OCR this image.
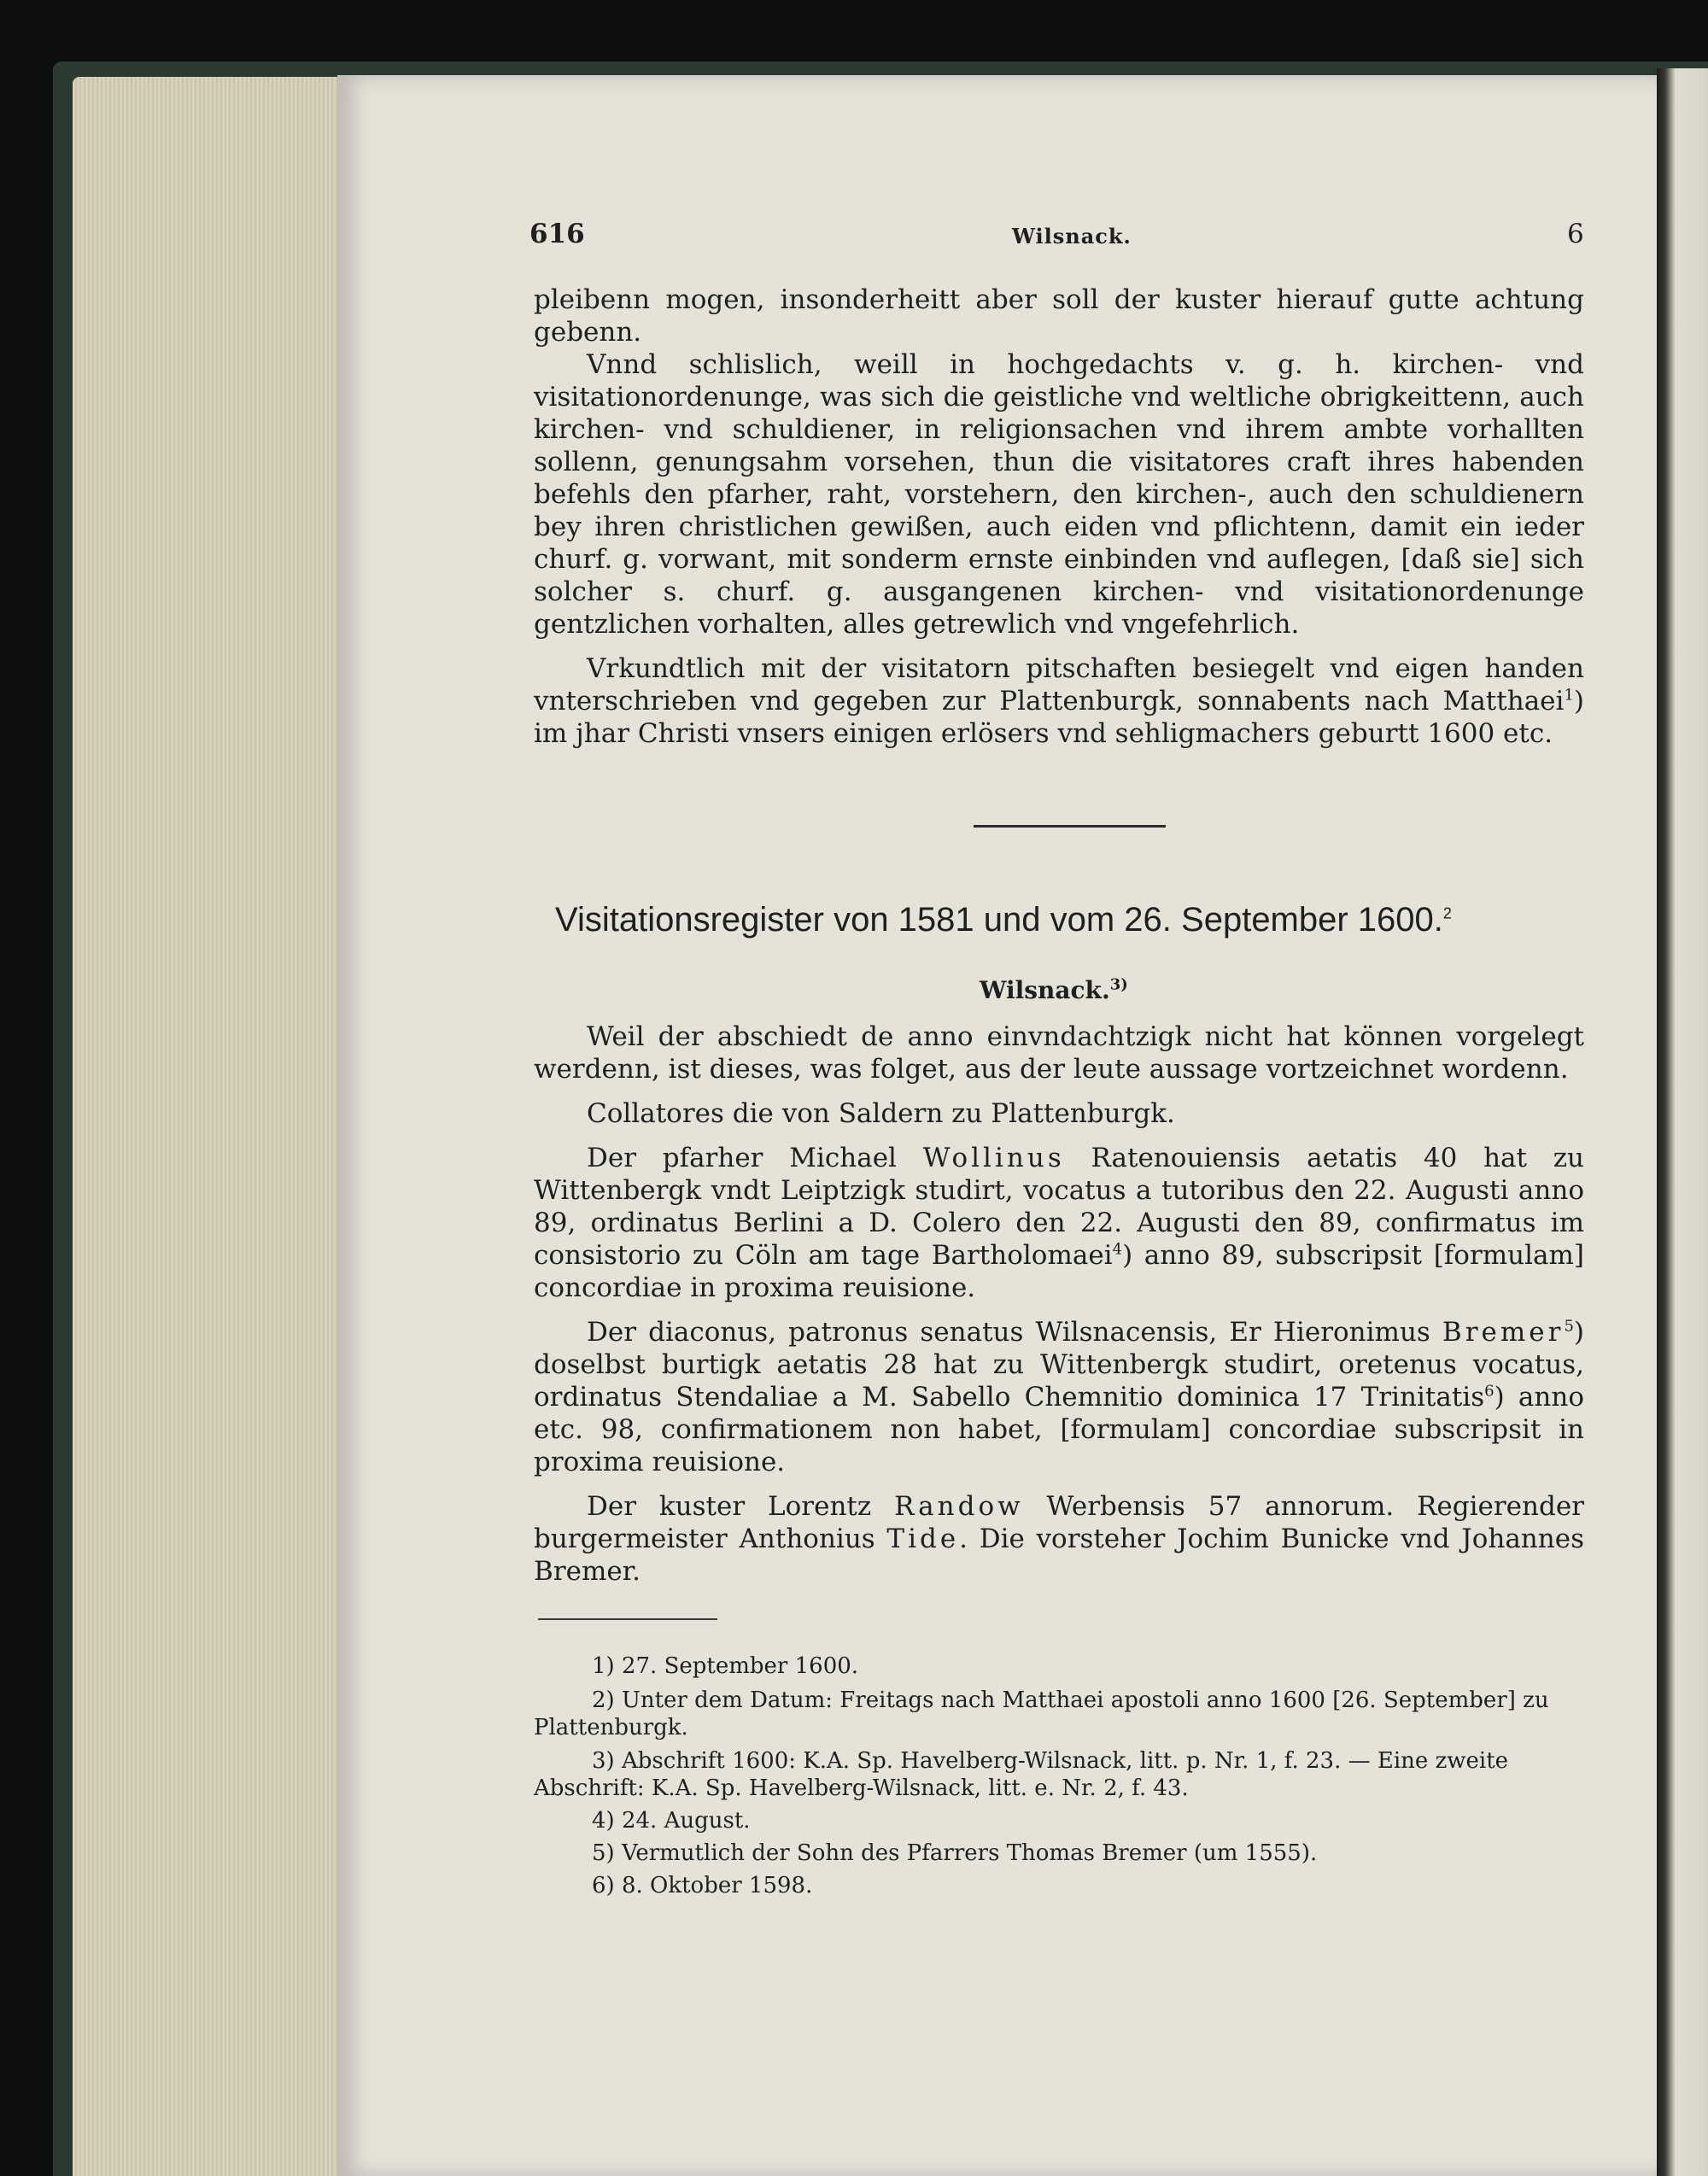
616	Wilsnack.	6

pleibenn mogen, insonderheitt aber soll der kuster hierauf gutte achtung gebenn.

Vnnd schlislich, weill in hochgedachts v. g. h. kirchen- vnd visitationordenunge, was sich die geistliche vnd weltliche obrigkeittenn, auch kirchen- vnd schuldiener, in religionsachen vnd ihrem ambte vorhallten sollenn, genungsahm vorsehen, thun die visitatores craft ihres habenden befehls den pfarher, raht, vorstehern, den kirchen-, auch den schuldienern bey ihren christlichen gewißen, auch eiden vnd pflichtenn, damit ein ieder churf. g. vorwant, mit sonderm ernste einbinden vnd auflegen, [daß sie] sich solcher s. churf. g. ausgangenen kirchen- vnd visitationordenunge gentzlichen vorhalten, alles getrewlich vnd vngefehrlich.

Vrkundtlich mit der visitatorn pitschaften besiegelt vnd eigen handen vnterschrieben vnd gegeben zur Plattenburgk, sonnabents nach Matthaei$^1$) im jhar Christi vnsers einigen erlösers vnd sehligmachers geburtt 1600 etc.

Visitationsregister von 1581 und vom 26. September 1600.$^2$
Wilsnack.$^{3)}$

Weil der abschiedt de anno einvndachtzigk nicht hat können vorgelegt werdenn, ist dieses, was folget, aus der leute aussage vortzeichnet wordenn.

Collatores die von Saldern zu Plattenburgk.

Der pfarher Michael Wollinus Ratenouiensis aetatis 40 hat zu Wittenbergk vndt Leiptzigk studirt, vocatus a tutoribus den 22. Augusti anno 89, ordinatus Berlini a D. Colero den 22. Augusti den 89, confirmatus im consistorio zu Cöln am tage Bartholomaei$^4$) anno 89, subscripsit [formulam] concordiae in proxima reuisione.

Der diaconus, patronus senatus Wilsnacensis, Er Hieronimus Bremer$^5$) doselbst burtigk aetatis 28 hat zu Wittenbergk studirt, oretenus vocatus, ordinatus Stendaliae a M. Sabello Chemnitio dominica 17 Trinitatis$^6$) anno etc. 98, confirmationem non habet, [formulam] concordiae subscripsit in proxima reuisione.

Der kuster Lorentz Randow Werbensis 57 annorum. Regierender burgermeister Anthonius Tide. Die vorsteher Jochim Bunicke vnd Johannes Bremer.

1) 27. September 1600.
2) Unter dem Datum: Freitags nach Matthaei apostoli anno 1600 [26. September] zu Plattenburgk.
3) Abschrift 1600: K.A. Sp. Havelberg-Wilsnack, litt. p. Nr. 1, f. 23. — Eine zweite Abschrift: K.A. Sp. Havelberg-Wilsnack, litt. e. Nr. 2, f. 43.
4) 24. August.
5) Vermutlich der Sohn des Pfarrers Thomas Bremer (um 1555).
6) 8. Oktober 1598.
